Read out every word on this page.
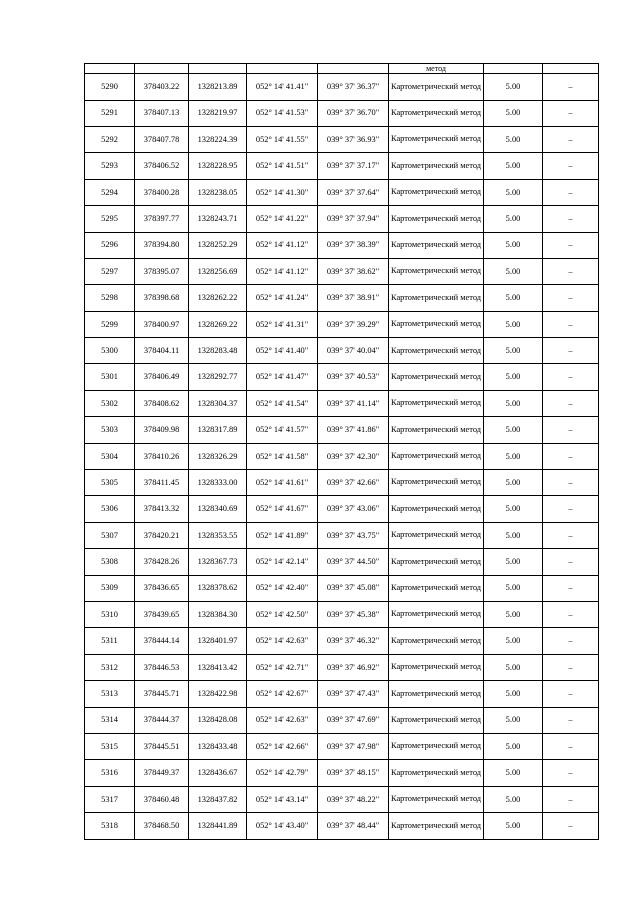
					метод		
5290	378403.22	1328213.89	052° 14' 41.41"	039° 37' 36.37"	Картометрический метод	5.00	–
5291	378407.13	1328219.97	052° 14' 41.53"	039° 37' 36.70"	Картометрический метод	5.00	–
5292	378407.78	1328224.39	052° 14' 41.55"	039° 37' 36.93"	Картометрический метод	5.00	–
5293	378406.52	1328228.95	052° 14' 41.51"	039° 37' 37.17"	Картометрический метод	5.00	–
5294	378400.28	1328238.05	052° 14' 41.30"	039° 37' 37.64"	Картометрический метод	5.00	–
5295	378397.77	1328243.71	052° 14' 41.22"	039° 37' 37.94"	Картометрический метод	5.00	–
5296	378394.80	1328252.29	052° 14' 41.12"	039° 37' 38.39"	Картометрический метод	5.00	–
5297	378395.07	1328256.69	052° 14' 41.12"	039° 37' 38.62"	Картометрический метод	5.00	–
5298	378398.68	1328262.22	052° 14' 41.24"	039° 37' 38.91"	Картометрический метод	5.00	–
5299	378400.97	1328269.22	052° 14' 41.31"	039° 37' 39.29"	Картометрический метод	5.00	–
5300	378404.11	1328283.48	052° 14' 41.40"	039° 37' 40.04"	Картометрический метод	5.00	–
5301	378406.49	1328292.77	052° 14' 41.47"	039° 37' 40.53"	Картометрический метод	5.00	–
5302	378408.62	1328304.37	052° 14' 41.54"	039° 37' 41.14"	Картометрический метод	5.00	–
5303	378409.98	1328317.89	052° 14' 41.57"	039° 37' 41.86"	Картометрический метод	5.00	–
5304	378410.26	1328326.29	052° 14' 41.58"	039° 37' 42.30"	Картометрический метод	5.00	–
5305	378411.45	1328333.00	052° 14' 41.61"	039° 37' 42.66"	Картометрический метод	5.00	–
5306	378413.32	1328340.69	052° 14' 41.67"	039° 37' 43.06"	Картометрический метод	5.00	–
5307	378420.21	1328353.55	052° 14' 41.89"	039° 37' 43.75"	Картометрический метод	5.00	–
5308	378428.26	1328367.73	052° 14' 42.14"	039° 37' 44.50"	Картометрический метод	5.00	–
5309	378436.65	1328378.62	052° 14' 42.40"	039° 37' 45.08"	Картометрический метод	5.00	–
5310	378439.65	1328384.30	052° 14' 42.50"	039° 37' 45.38"	Картометрический метод	5.00	–
5311	378444.14	1328401.97	052° 14' 42.63"	039° 37' 46.32"	Картометрический метод	5.00	–
5312	378446.53	1328413.42	052° 14' 42.71"	039° 37' 46.92"	Картометрический метод	5.00	–
5313	378445.71	1328422.98	052° 14' 42.67"	039° 37' 47.43"	Картометрический метод	5.00	–
5314	378444.37	1328428.08	052° 14' 42.63"	039° 37' 47.69"	Картометрический метод	5.00	–
5315	378445.51	1328433.48	052° 14' 42.66"	039° 37' 47.98"	Картометрический метод	5.00	–
5316	378449.37	1328436.67	052° 14' 42.79"	039° 37' 48.15"	Картометрический метод	5.00	–
5317	378460.48	1328437.82	052° 14' 43.14"	039° 37' 48.22"	Картометрический метод	5.00	–
5318	378468.50	1328441.89	052° 14' 43.40"	039° 37' 48.44"	Картометрический метод	5.00	–
